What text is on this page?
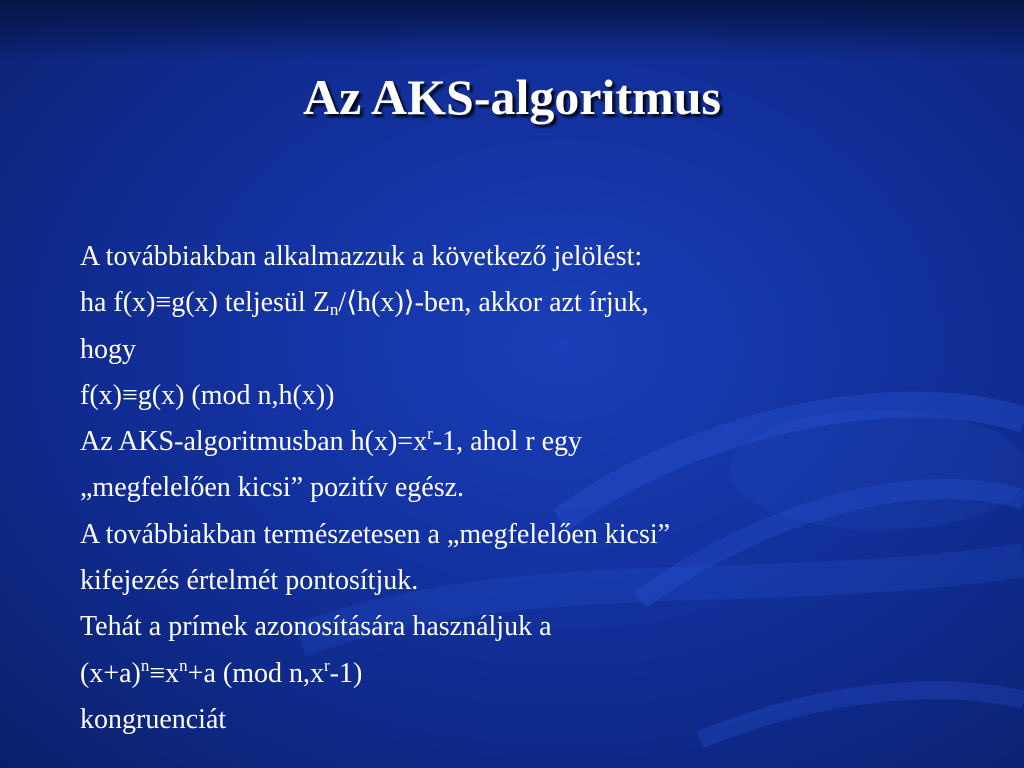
Az AKS-algoritmus
A továbbiakban alkalmazzuk a következő jelölést:
ha f(x)≡g(x) teljesül $Z_n/⟨h(x)⟩$-ben, akkor azt írjuk,
hogy
f(x)≡g(x) (mod n,h(x))
Az AKS-algoritmusban $h(x)=x^r-1$, ahol r egy
„megfelelően kicsi” pozitív egész.
A továbbiakban természetesen a „megfelelően kicsi”
kifejezés értelmét pontosítjuk.
Tehát a prímek azonosítására használjuk a
$(x+a)^n\equiv x^n+a$ (mod $n,x^r-1$)
kongruenciát
